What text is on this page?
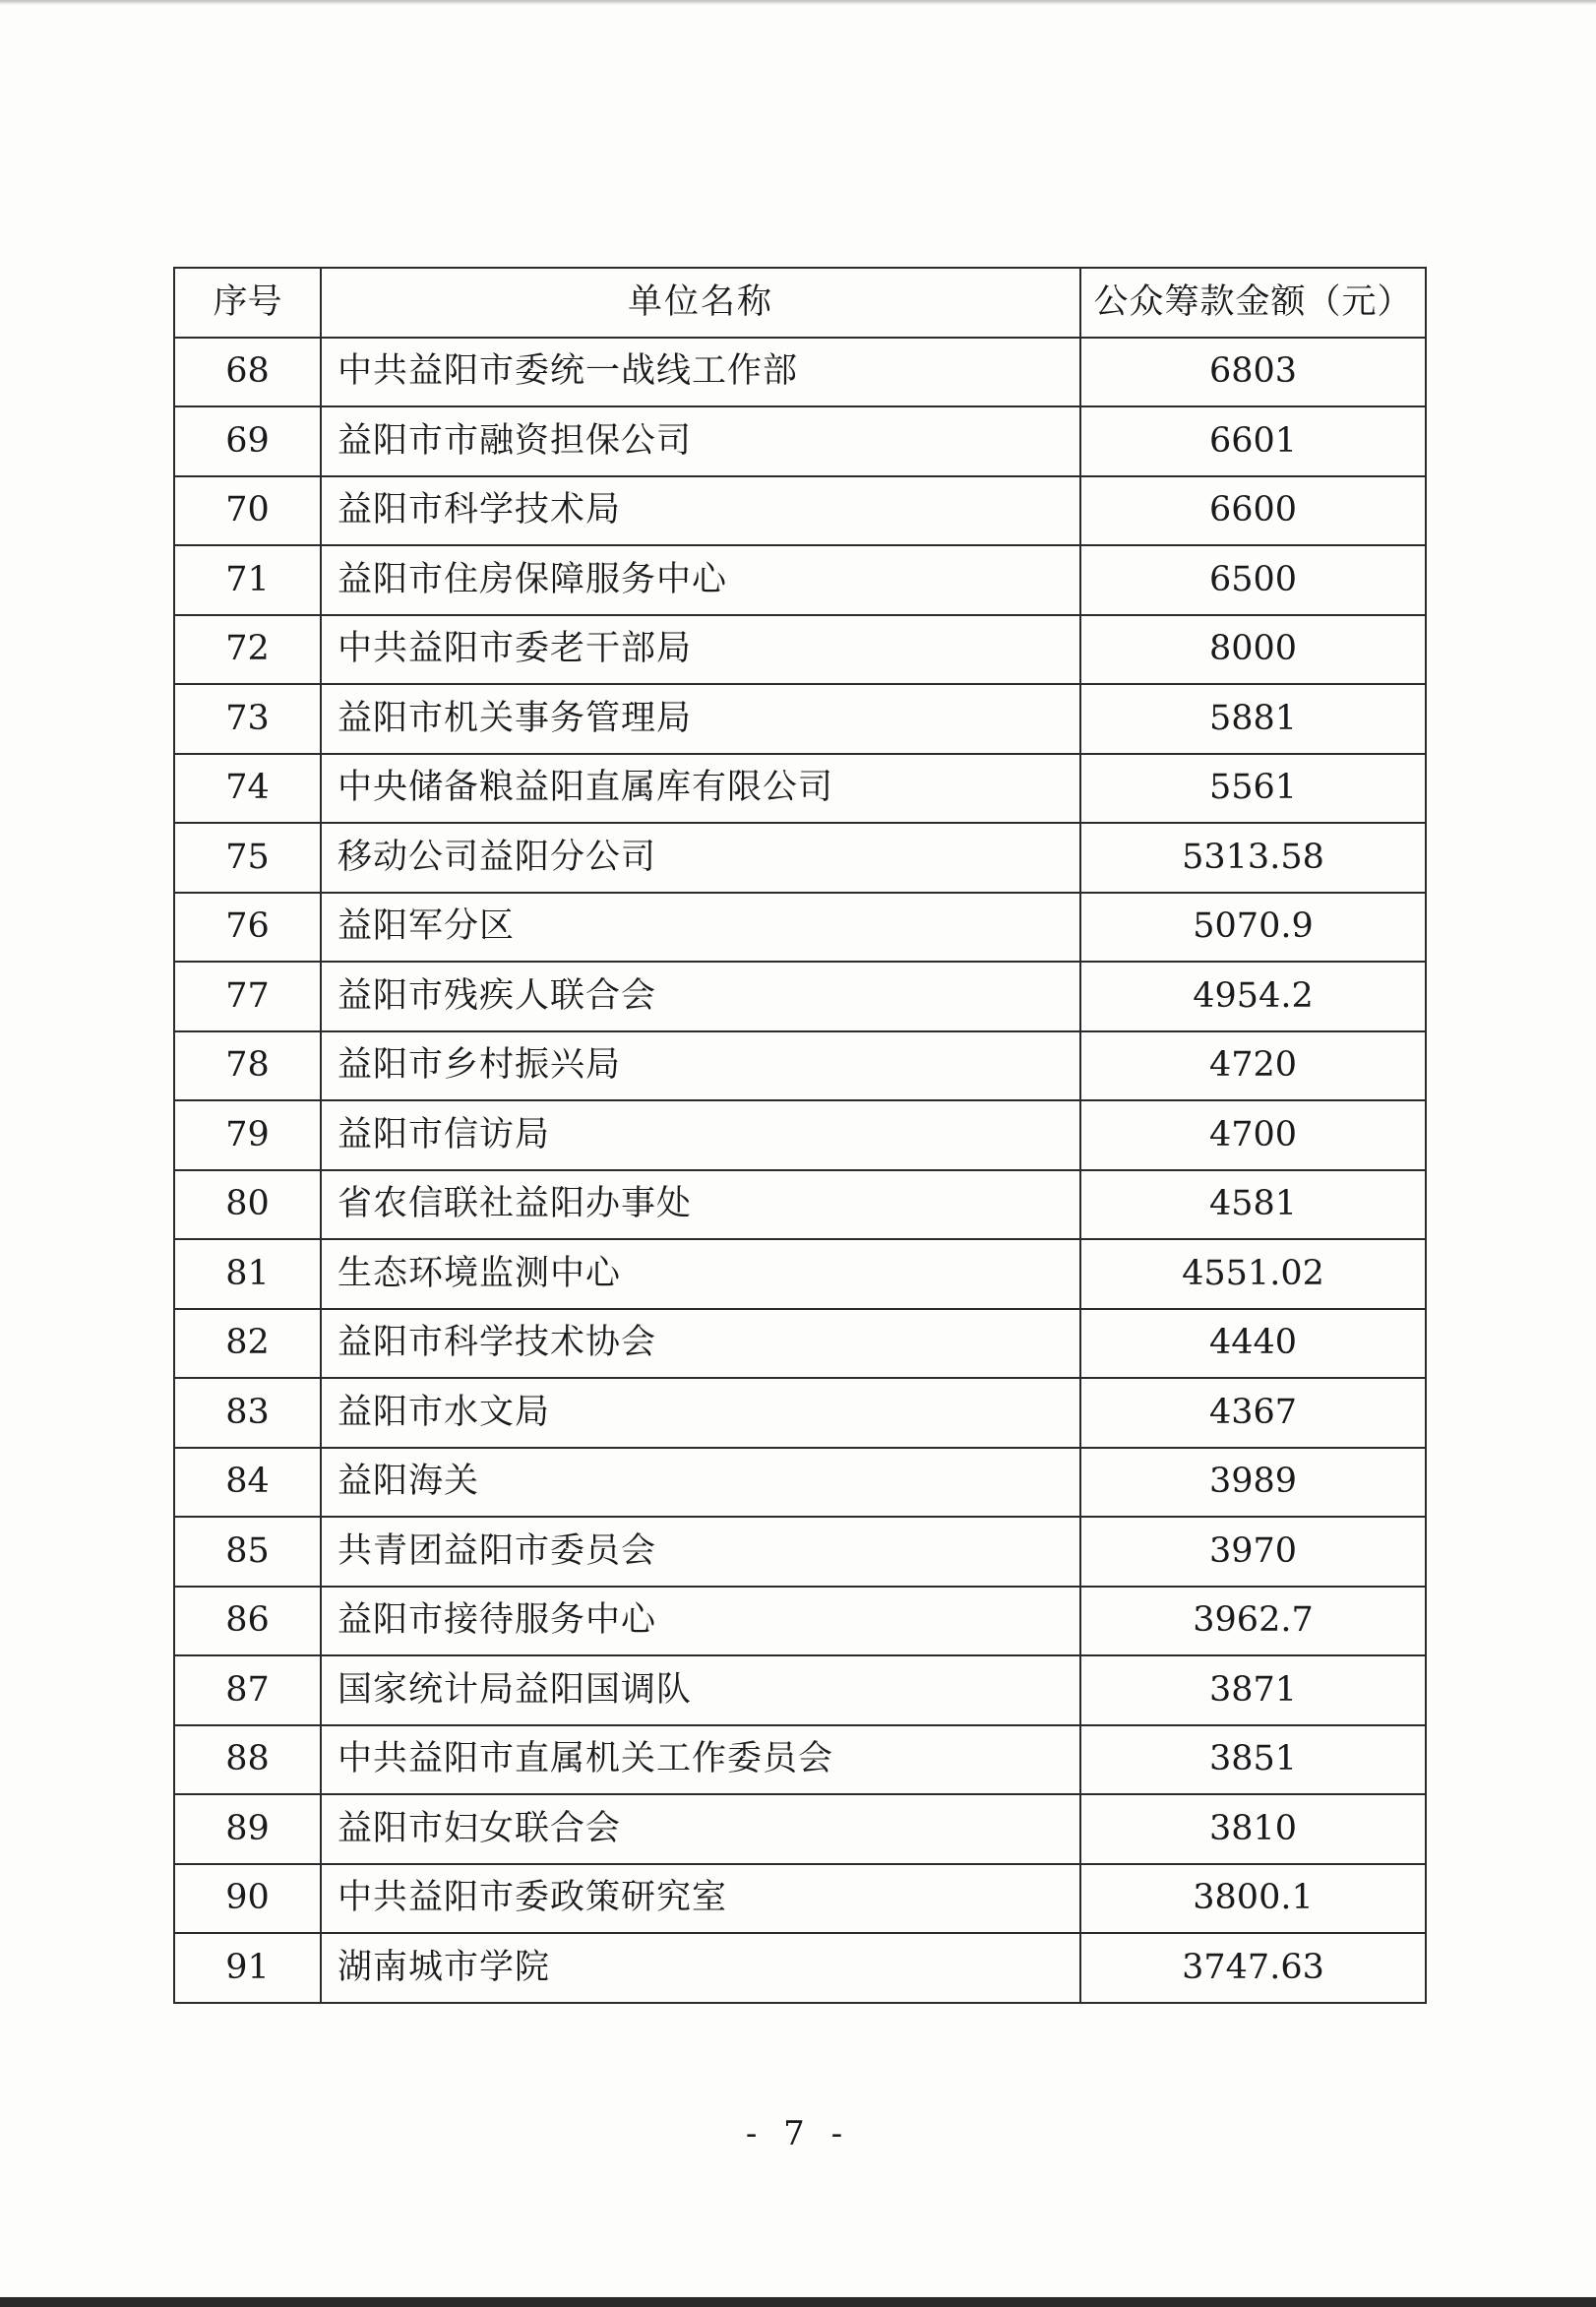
序号	单位名称	公众筹款金额（元）
68	中共益阳市委统一战线工作部	6803
69	益阳市市融资担保公司	6601
70	益阳市科学技术局	6600
71	益阳市住房保障服务中心	6500
72	中共益阳市委老干部局	8000
73	益阳市机关事务管理局	5881
74	中央储备粮益阳直属库有限公司	5561
75	移动公司益阳分公司	5313.58
76	益阳军分区	5070.9
77	益阳市残疾人联合会	4954.2
78	益阳市乡村振兴局	4720
79	益阳市信访局	4700
80	省农信联社益阳办事处	4581
81	生态环境监测中心	4551.02
82	益阳市科学技术协会	4440
83	益阳市水文局	4367
84	益阳海关	3989
85	共青团益阳市委员会	3970
86	益阳市接待服务中心	3962.7
87	国家统计局益阳国调队	3871
88	中共益阳市直属机关工作委员会	3851
89	益阳市妇女联合会	3810
90	中共益阳市委政策研究室	3800.1
91	湖南城市学院	3747.63
- 7 -
